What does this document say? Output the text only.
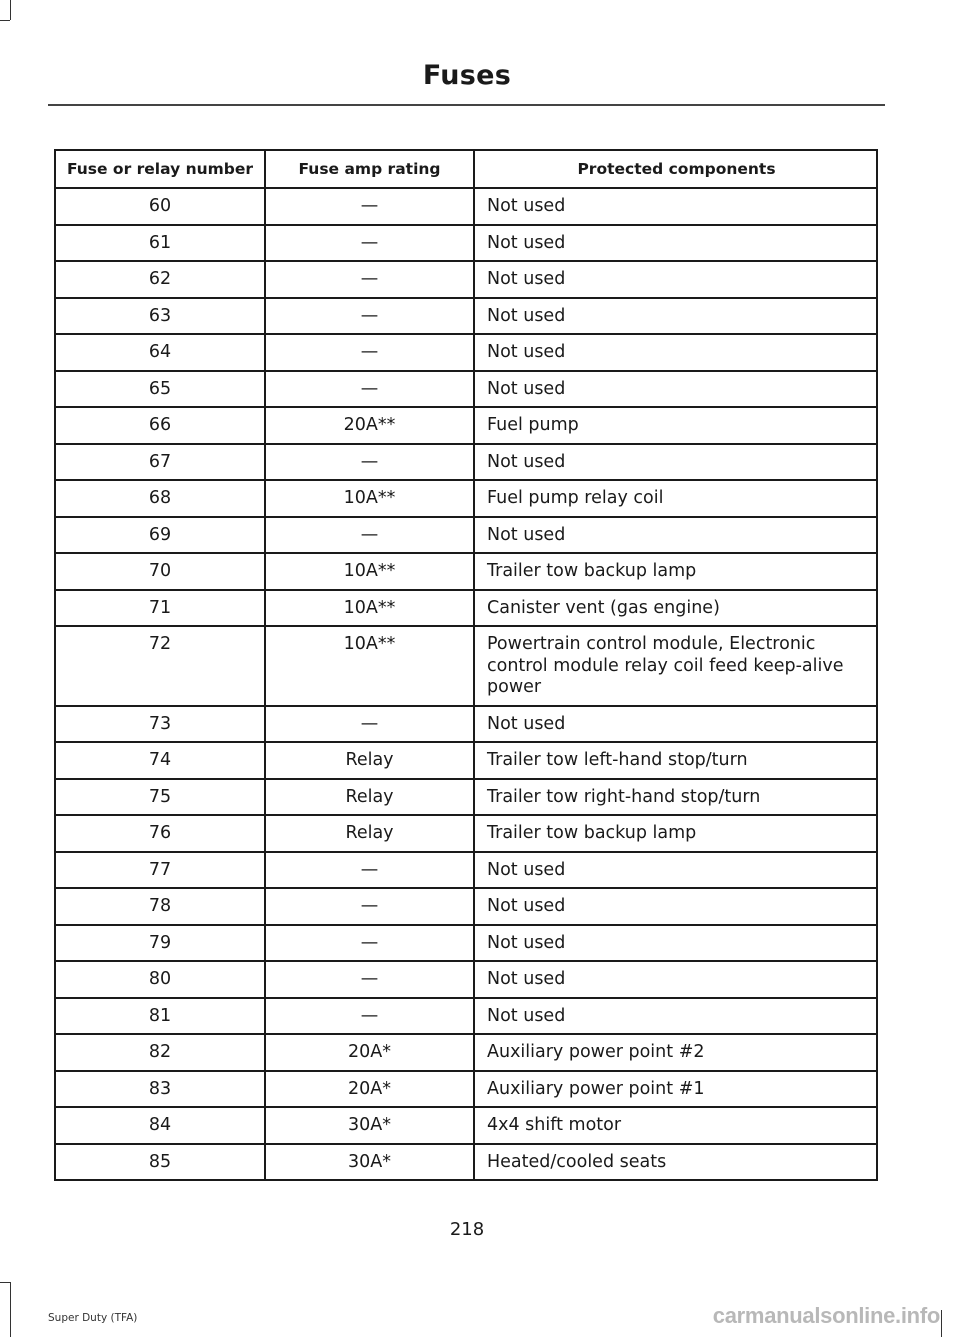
Fuses
Fuse or relay number	Fuse amp rating	Protected components
60	—	Not used
61	—	Not used
62	—	Not used
63	—	Not used
64	—	Not used
65	—	Not used
66	20A**	Fuel pump
67	—	Not used
68	10A**	Fuel pump relay coil
69	—	Not used
70	10A**	Trailer tow backup lamp
71	10A**	Canister vent (gas engine)
72	10A**	Powertrain control module, Electronic control module relay coil feed keep-alive power
73	—	Not used
74	Relay	Trailer tow left-hand stop/turn
75	Relay	Trailer tow right-hand stop/turn
76	Relay	Trailer tow backup lamp
77	—	Not used
78	—	Not used
79	—	Not used
80	—	Not used
81	—	Not used
82	20A*	Auxiliary power point #2
83	20A*	Auxiliary power point #1
84	30A*	4x4 shift motor
85	30A*	Heated/cooled seats
218
Super Duty (TFA)	carmanualsonline.info
